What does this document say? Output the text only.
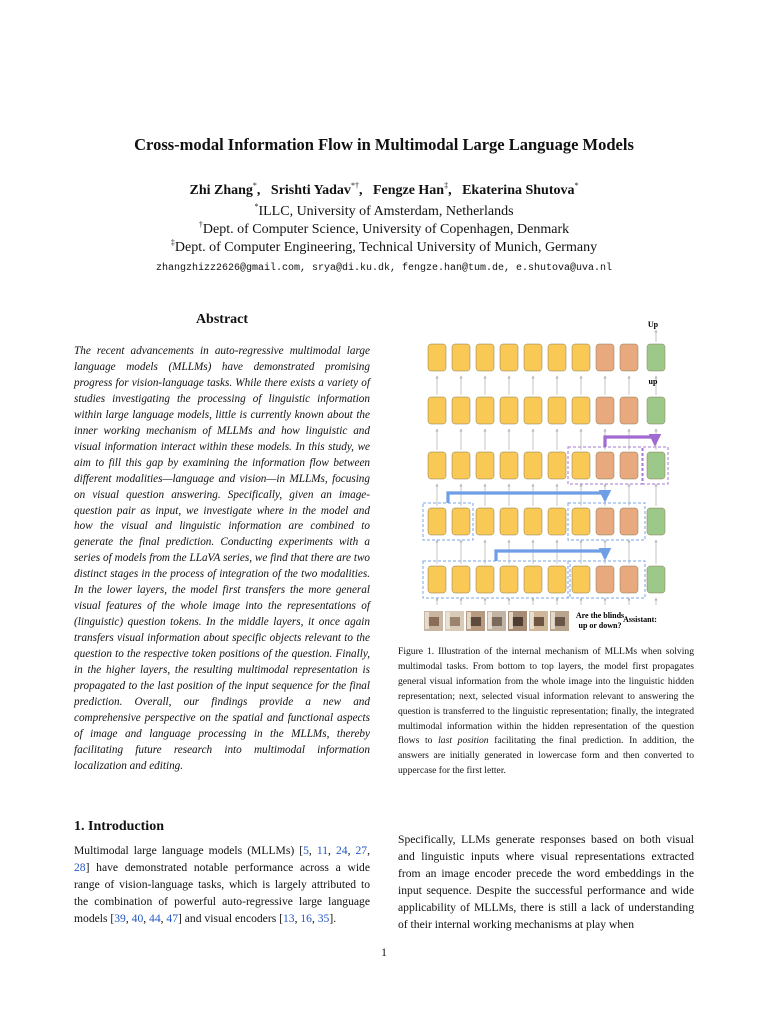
Cross-modal Information Flow in Multimodal Large Language Models
Zhi Zhang*,   Srishti Yadav*†,   Fengze Han‡,   Ekaterina Shutova*
*ILLC, University of Amsterdam, Netherlands
†Dept. of Computer Science, University of Copenhagen, Denmark
‡Dept. of Computer Engineering, Technical University of Munich, Germany
zhangzhizz2626@gmail.com, srya@di.ku.dk, fengze.han@tum.de, e.shutova@uva.nl
Abstract
The recent advancements in auto-regressive multimodal large language models (MLLMs) have demonstrated promising progress for vision-language tasks. While there exists a variety of studies investigating the processing of linguistic information within large language models, little is currently known about the inner working mechanism of MLLMs and how linguistic and visual information interact within these models. In this study, we aim to fill this gap by examining the information flow between different modalities—language and vision—in MLLMs, focusing on visual question answering. Specifically, given an image-question pair as input, we investigate where in the model and how the visual and linguistic information are combined to generate the final prediction. Conducting experiments with a series of models from the LLaVA series, we find that there are two distinct stages in the process of integration of the two modalities. In the lower layers, the model first transfers the more general visual features of the whole image into the representations of (linguistic) question tokens. In the middle layers, it once again transfers visual information about specific objects relevant to the question to the respective token positions of the question. Finally, in the higher layers, the resulting multimodal representation is propagated to the last position of the input sequence for the final prediction. Overall, our findings provide a new and comprehensive perspective on the spatial and functional aspects of image and language processing in the MLLMs, thereby facilitating future research into multimodal information localization and editing.
1. Introduction
Multimodal large language models (MLLMs) [5, 11, 24, 27, 28] have demonstrated notable performance across a wide range of vision-language tasks, which is largely attributed to the combination of powerful auto-regressive large language models [39, 40, 44, 47] and visual encoders [13, 16, 35].
Specifically, LLMs generate responses based on both visual and linguistic inputs where visual representations extracted from an image encoder precede the word embeddings in the input sequence. Despite the successful performance and wide applicability of MLLMs, there is still a lack of understanding of their internal working mechanisms at play when
Up
up
Are the blinds
up or down?
Assistant:
Figure 1. Illustration of the internal mechanism of MLLMs when solving multimodal tasks. From bottom to top layers, the model first propagates general visual information from the whole image into the linguistic hidden representation; next, selected visual information relevant to answering the question is transferred to the linguistic representation; finally, the integrated multimodal information within the hidden representation of the question flows to last position facilitating the final prediction. In addition, the answers are initially generated in lowercase form and then converted to uppercase for the first letter.
1
